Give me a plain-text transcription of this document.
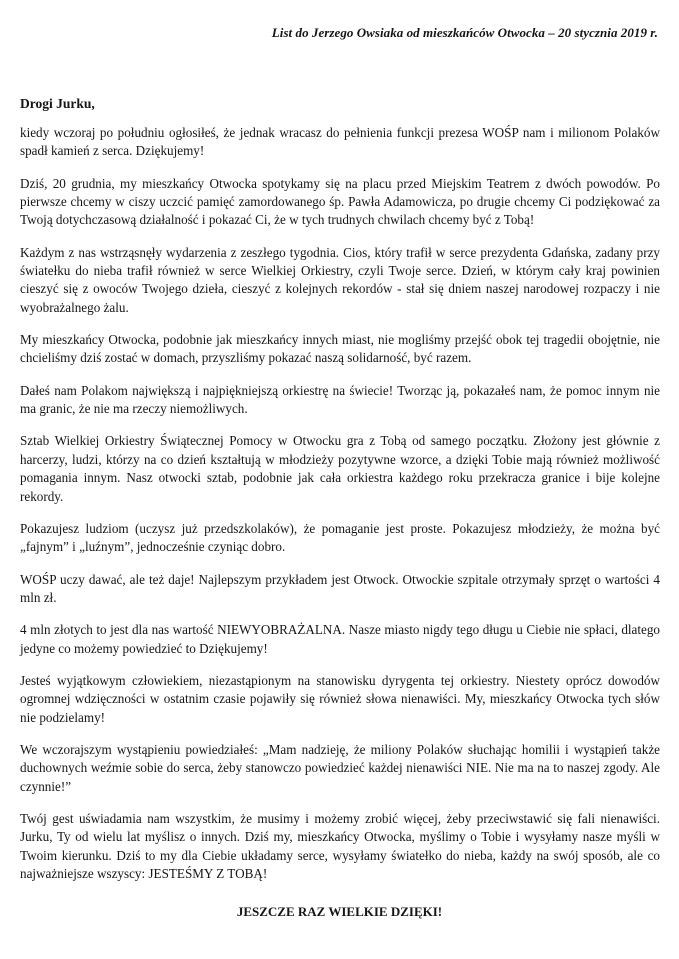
List do Jerzego Owsiaka od mieszkańców Otwocka – 20 stycznia 2019 r.
Drogi Jurku,

kiedy wczoraj po południu ogłosiłeś, że jednak wracasz do pełnienia funkcji prezesa WOŚP nam i milionom Polaków spadł kamień z serca. Dziękujemy!

Dziś, 20 grudnia, my mieszkańcy Otwocka spotykamy się na placu przed Miejskim Teatrem z dwóch powodów. Po pierwsze chcemy w ciszy uczcić pamięć zamordowanego śp. Pawła Adamowicza, po drugie chcemy Ci podziękować za Twoją dotychczasową działalność i pokazać Ci, że w tych trudnych chwilach chcemy być z Tobą!

Każdym z nas wstrząsnęły wydarzenia z zeszłego tygodnia. Cios, który trafił w serce prezydenta Gdańska, zadany przy światełku do nieba trafił również w serce Wielkiej Orkiestry, czyli Twoje serce. Dzień, w którym cały kraj powinien cieszyć się z owoców Twojego dzieła, cieszyć z kolejnych rekordów - stał się dniem naszej narodowej rozpaczy i nie wyobrażalnego żalu.

My mieszkańcy Otwocka, podobnie jak mieszkańcy innych miast, nie mogliśmy przejść obok tej tragedii obojętnie, nie chcieliśmy dziś zostać w domach, przyszliśmy pokazać naszą solidarność, być razem.

Dałeś nam Polakom największą i najpiękniejszą orkiestrę na świecie! Tworząc ją, pokazałeś nam, że pomoc innym nie ma granic, że nie ma rzeczy niemożliwych.

Sztab Wielkiej Orkiestry Świątecznej Pomocy w Otwocku gra z Tobą od samego początku. Złożony jest głównie z harcerzy, ludzi, którzy na co dzień kształtują w młodzieży pozytywne wzorce, a dzięki Tobie mają również możliwość pomagania innym. Nasz otwocki sztab, podobnie jak cała orkiestra każdego roku przekracza granice i bije kolejne rekordy.

Pokazujesz ludziom (uczysz już przedszkolaków), że pomaganie jest proste. Pokazujesz młodzieży, że można być „fajnym” i „luźnym”, jednocześnie czyniąc dobro.

WOŚP uczy dawać, ale też daje! Najlepszym przykładem jest Otwock. Otwockie szpitale otrzymały sprzęt o wartości 4 mln zł.

4 mln złotych to jest dla nas wartość NIEWYOBRAŻALNA. Nasze miasto nigdy tego długu u Ciebie nie spłaci, dlatego jedyne co możemy powiedzieć to Dziękujemy!

Jesteś wyjątkowym człowiekiem, niezastąpionym na stanowisku dyrygenta tej orkiestry. Niestety oprócz dowodów ogromnej wdzięczności w ostatnim czasie pojawiły się również słowa nienawiści. My, mieszkańcy Otwocka tych słów nie podzielamy!

We wczorajszym wystąpieniu powiedziałeś: „Mam nadzieję, że miliony Polaków słuchając homilii i wystąpień także duchownych weźmie sobie do serca, żeby stanowczo powiedzieć każdej nienawiści NIE. Nie ma na to naszej zgody. Ale czynnie!”

Twój gest uświadamia nam wszystkim, że musimy i możemy zrobić więcej, żeby przeciwstawić się fali nienawiści. Jurku, Ty od wielu lat myślisz o innych. Dziś my, mieszkańcy Otwocka, myślimy o Tobie i wysyłamy nasze myśli w Twoim kierunku. Dziś to my dla Ciebie układamy serce, wysyłamy światełko do nieba, każdy na swój sposób, ale co najważniejsze wszyscy: JESTEŚMY Z TOBĄ!

JESZCZE RAZ WIELKIE DZIĘKI!
